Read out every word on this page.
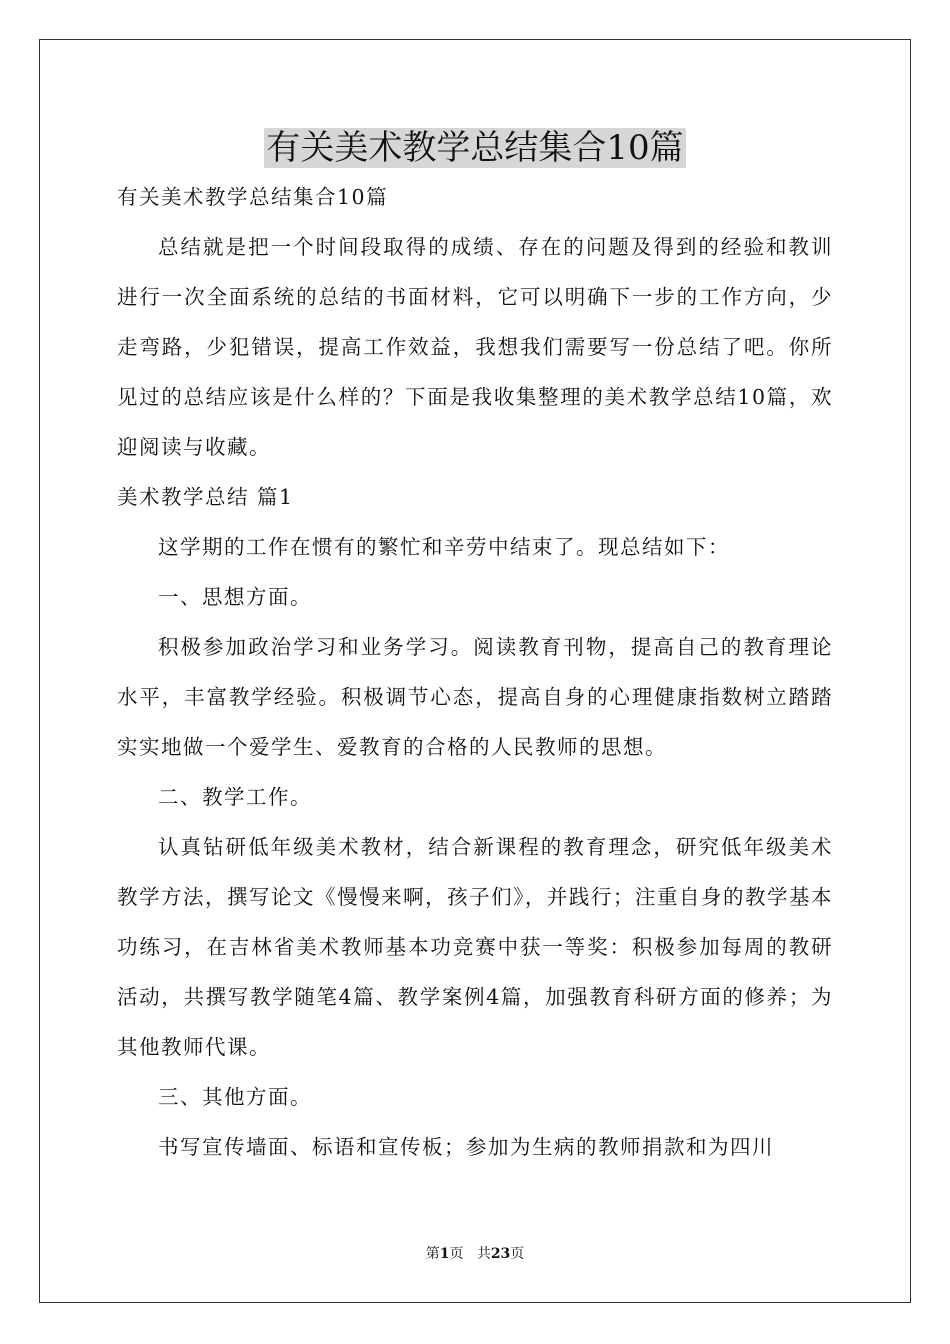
有关美术教学总结集合10篇

有关美术教学总结集合10篇

总结就是把一个时间段取得的成绩、存在的问题及得到的经验和教训进行一次全面系统的总结的书面材料，它可以明确下一步的工作方向，少走弯路，少犯错误，提高工作效益，我想我们需要写一份总结了吧。你所见过的总结应该是什么样的？下面是我收集整理的美术教学总结10篇，欢迎阅读与收藏。

美术教学总结 篇1

这学期的工作在惯有的繁忙和辛劳中结束了。现总结如下：

一、思想方面。

积极参加政治学习和业务学习。阅读教育刊物，提高自己的教育理论水平，丰富教学经验。积极调节心态，提高自身的心理健康指数树立踏踏实实地做一个爱学生、爱教育的合格的人民教师的思想。

二、教学工作。

认真钻研低年级美术教材，结合新课程的教育理念，研究低年级美术教学方法，撰写论文《慢慢来啊，孩子们》，并践行；注重自身的教学基本功练习，在吉林省美术教师基本功竞赛中获一等奖：积极参加每周的教研活动，共撰写教学随笔4篇、教学案例4篇，加强教育科研方面的修养；为其他教师代课。

三、其他方面。

书写宣传墙面、标语和宣传板；参加为生病的教师捐款和为四川

第1页 共23页
